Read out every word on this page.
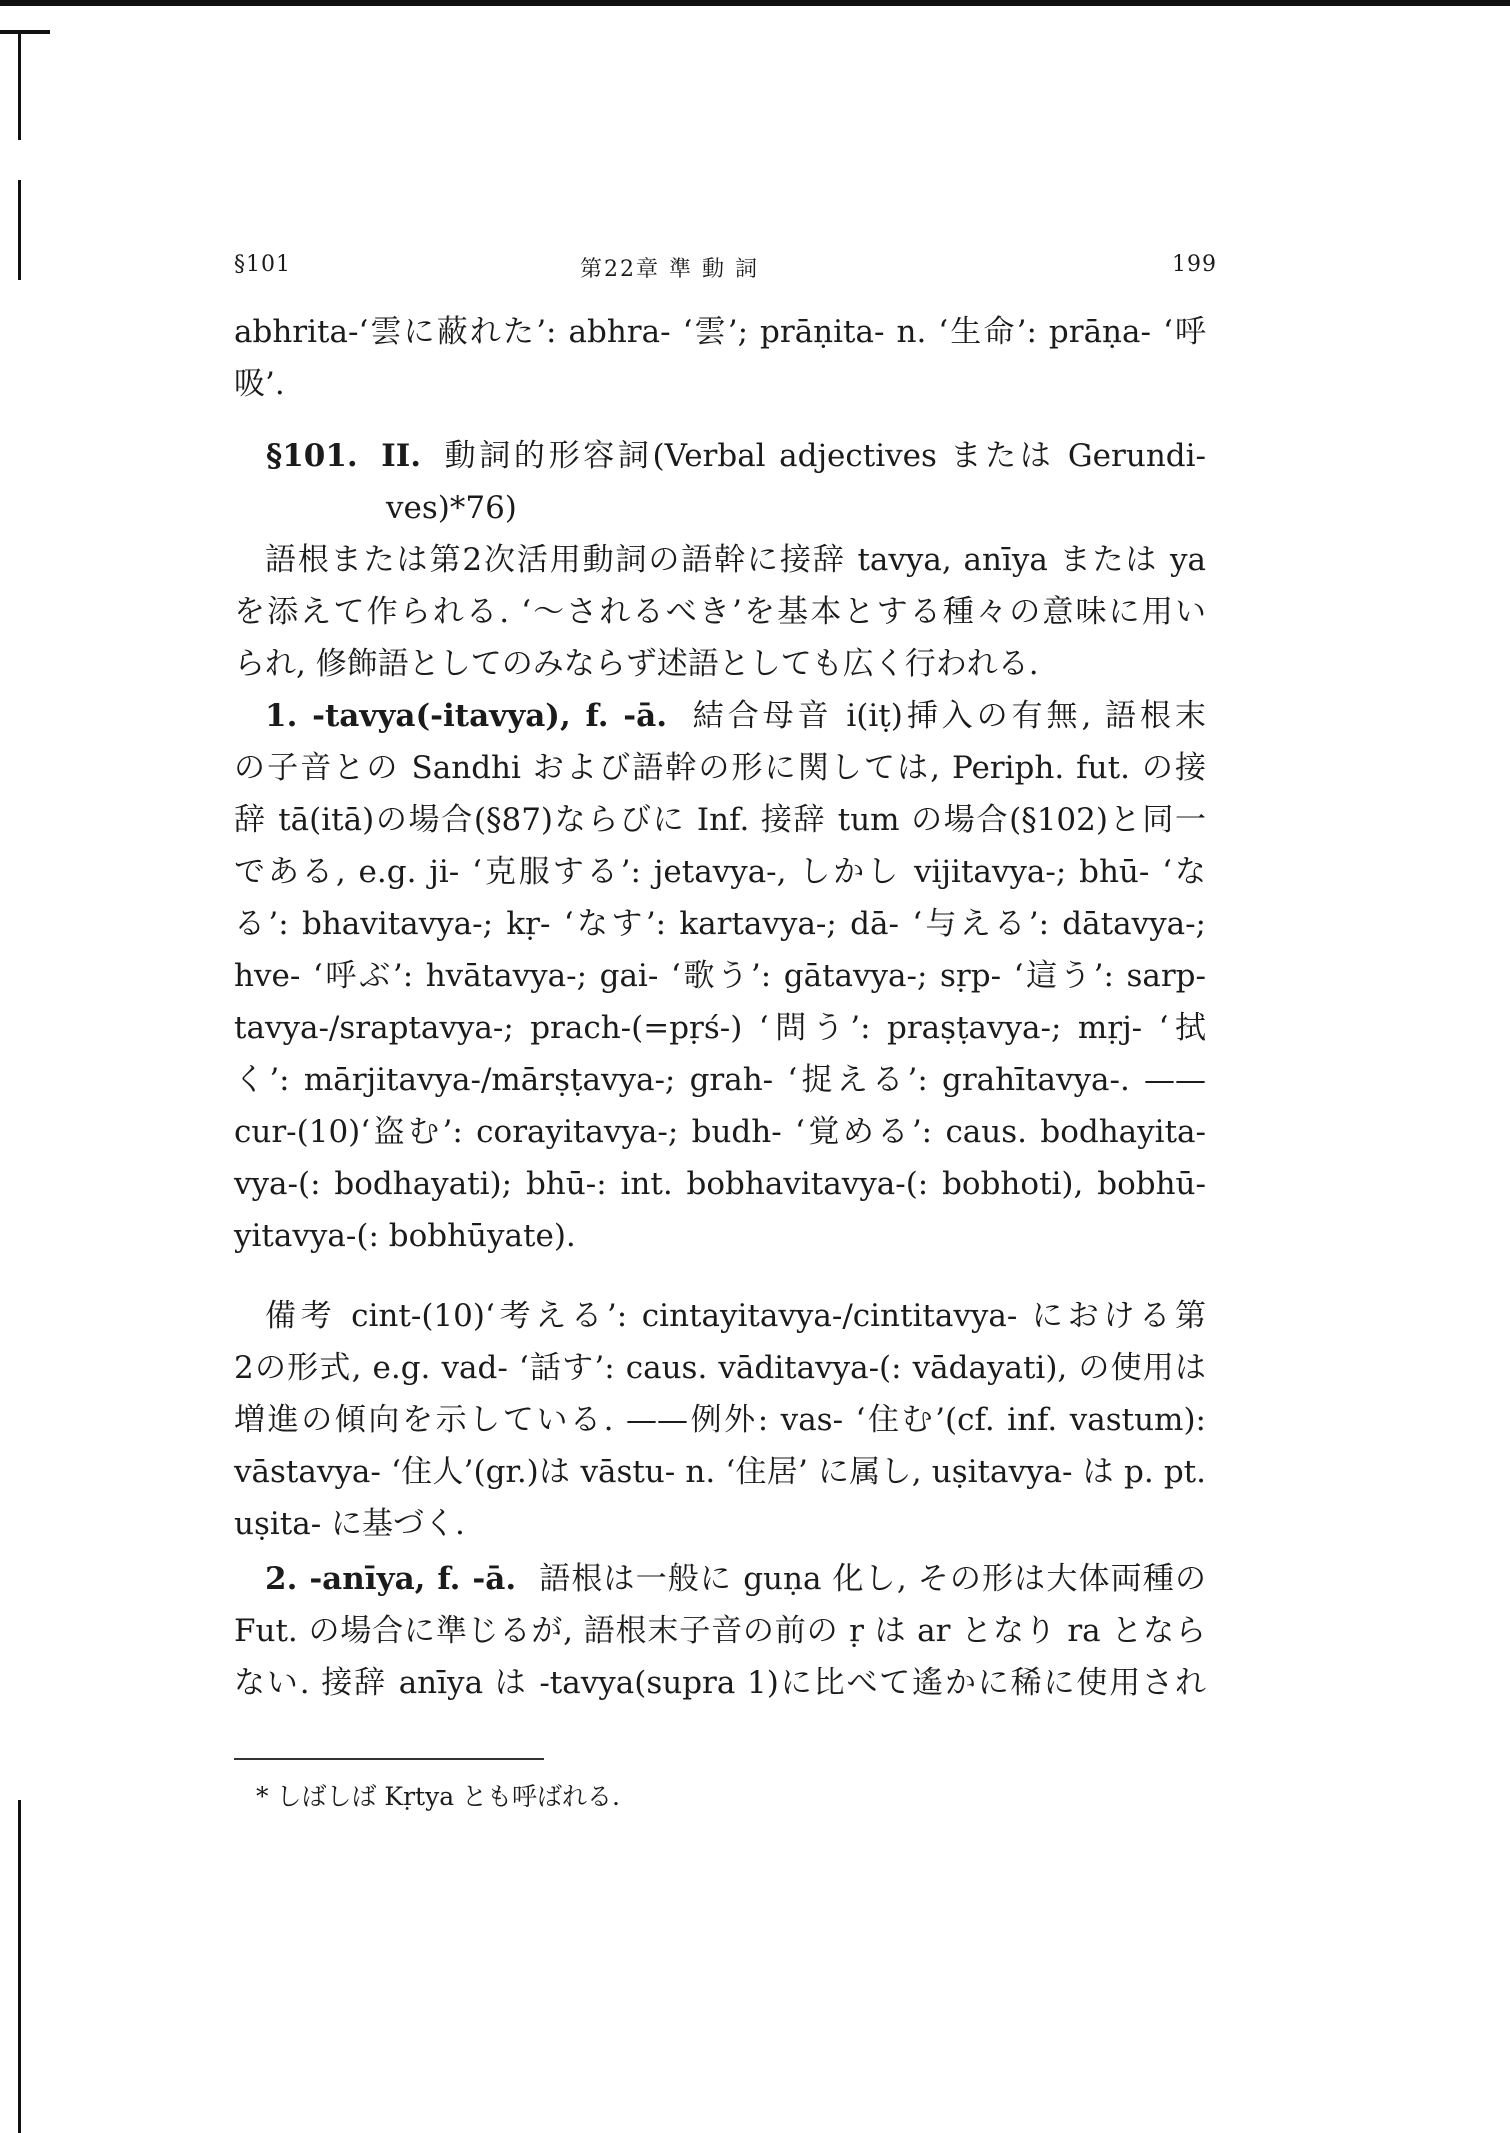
§101	第22章 準 動 詞	199
abhrita-‘雲に蔽れた’: abhra- ‘雲’; prāṇita- n. ‘生命’: prāṇa- ‘呼
吸’.
§101. II. 動詞的形容詞(Verbal adjectives または Gerundi-
ves)*76)
語根または第2次活用動詞の語幹に接辞 tavya, anīya または ya
を添えて作られる. ‘〜されるべき’を基本とする種々の意味に用い
られ, 修飾語としてのみならず述語としても広く行われる.
1. -tavya(-itavya), f. -ā. 結合母音 i(iṭ)挿入の有無, 語根末
の子音との Sandhi および語幹の形に関しては, Periph. fut. の接
辞 tā(itā)の場合(§87)ならびに Inf. 接辞 tum の場合(§102)と同一
である, e.g. ji- ‘克服する’: jetavya-, しかし vijitavya-; bhū- ‘な
る’: bhavitavya-; kṛ- ‘なす’: kartavya-; dā- ‘与える’: dātavya-;
hve- ‘呼ぶ’: hvātavya-; gai- ‘歌う’: gātavya-; sṛp- ‘這う’: sarp-
tavya-/sraptavya-; prach-(=pṛś-) ‘問う’: praṣṭavya-; mṛj- ‘拭
く’: mārjitavya-/mārṣṭavya-; grah- ‘捉える’: grahītavya-. ——
cur-(10)‘盗む’: corayitavya-; budh- ‘覚める’: caus. bodhayita-
vya-(: bodhayati); bhū-: int. bobhavitavya-(: bobhoti), bobhū-
yitavya-(: bobhūyate).
備考 cint-(10)‘考える’: cintayitavya-/cintitavya- における第
2の形式, e.g. vad- ‘話す’: caus. vāditavya-(: vādayati), の使用は
増進の傾向を示している. ——例外: vas- ‘住む’(cf. inf. vastum):
vāstavya- ‘住人’(gr.)は vāstu- n. ‘住居’ に属し, uṣitavya- は p. pt.
uṣita- に基づく.
2. -anīya, f. -ā. 語根は一般に guṇa 化し, その形は大体両種の
Fut. の場合に準じるが, 語根末子音の前の ṛ は ar となり ra となら
ない. 接辞 anīya は -tavya(supra 1)に比べて遙かに稀に使用され
* しばしば Kṛtya とも呼ばれる.
